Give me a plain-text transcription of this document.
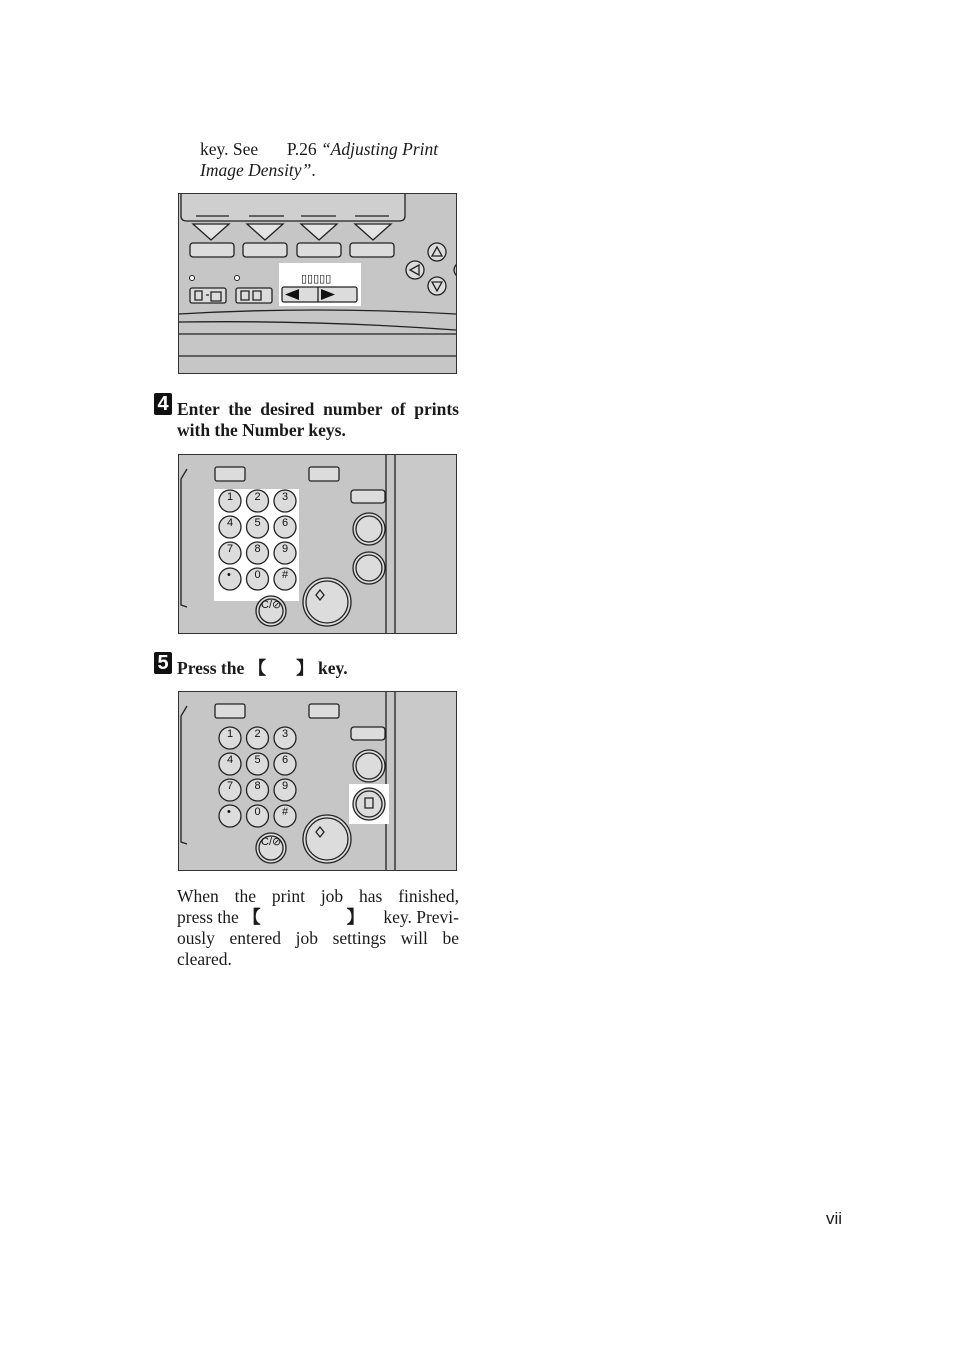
key. See P.26 “Adjusting Print
Image Density”.
▯▯▯▯▯
4 Enter the desired number of prints with the Number keys.
1 2 3
4 5 6
7 8 9
• 0 #
C/⊘
5 Press the 【 】 key.
1 2 3
4 5 6
7 8 9
• 0 #
C/⊘
When the print job has finished,
press the 【	】 key. Previ-
ously entered job settings will be
cleared.
vii
